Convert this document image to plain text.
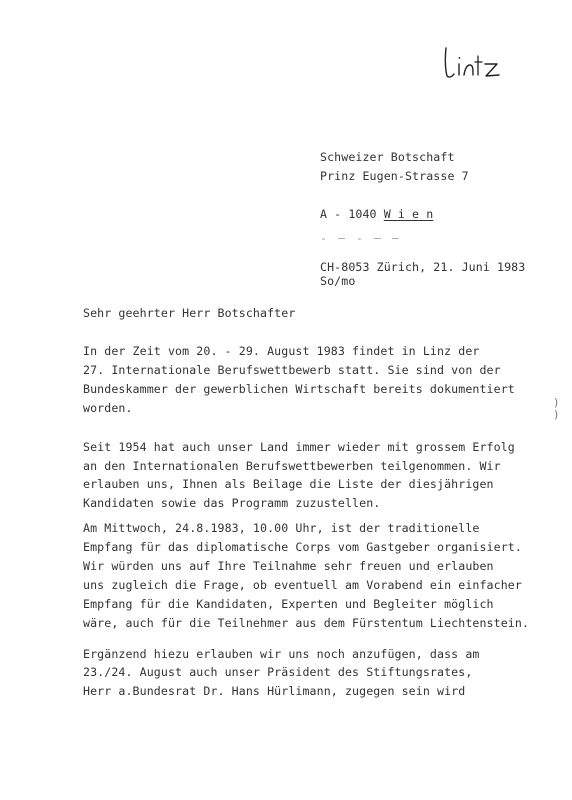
Schweizer Botschaft
Prinz Eugen-Strasse 7
A - 1040 W i e n
- — - — —
CH-8053 Zürich, 21. Juni 1983
So/mo
Sehr geehrter Herr Botschafter
In der Zeit vom 20. - 29. August 1983 findet in Linz der
27. Internationale Berufswettbewerb statt. Sie sind von der
Bundeskammer der gewerblichen Wirtschaft bereits dokumentiert
worden.	)
)
Seit 1954 hat auch unser Land immer wieder mit grossem Erfolg
an den Internationalen Berufswettbewerben teilgenommen. Wir
erlauben uns, Ihnen als Beilage die Liste der diesjährigen
Kandidaten sowie das Programm zuzustellen.
Am Mittwoch, 24.8.1983, 10.00 Uhr, ist der traditionelle
Empfang für das diplomatische Corps vom Gastgeber organisiert.
Wir würden uns auf Ihre Teilnahme sehr freuen und erlauben
uns zugleich die Frage, ob eventuell am Vorabend ein einfacher
Empfang für die Kandidaten, Experten und Begleiter möglich
wäre, auch für die Teilnehmer aus dem Fürstentum Liechtenstein.
Ergänzend hiezu erlauben wir uns noch anzufügen, dass am
23./24. August auch unser Präsident des Stiftungsrates,
Herr a.Bundesrat Dr. Hans Hürlimann, zugegen sein wird
